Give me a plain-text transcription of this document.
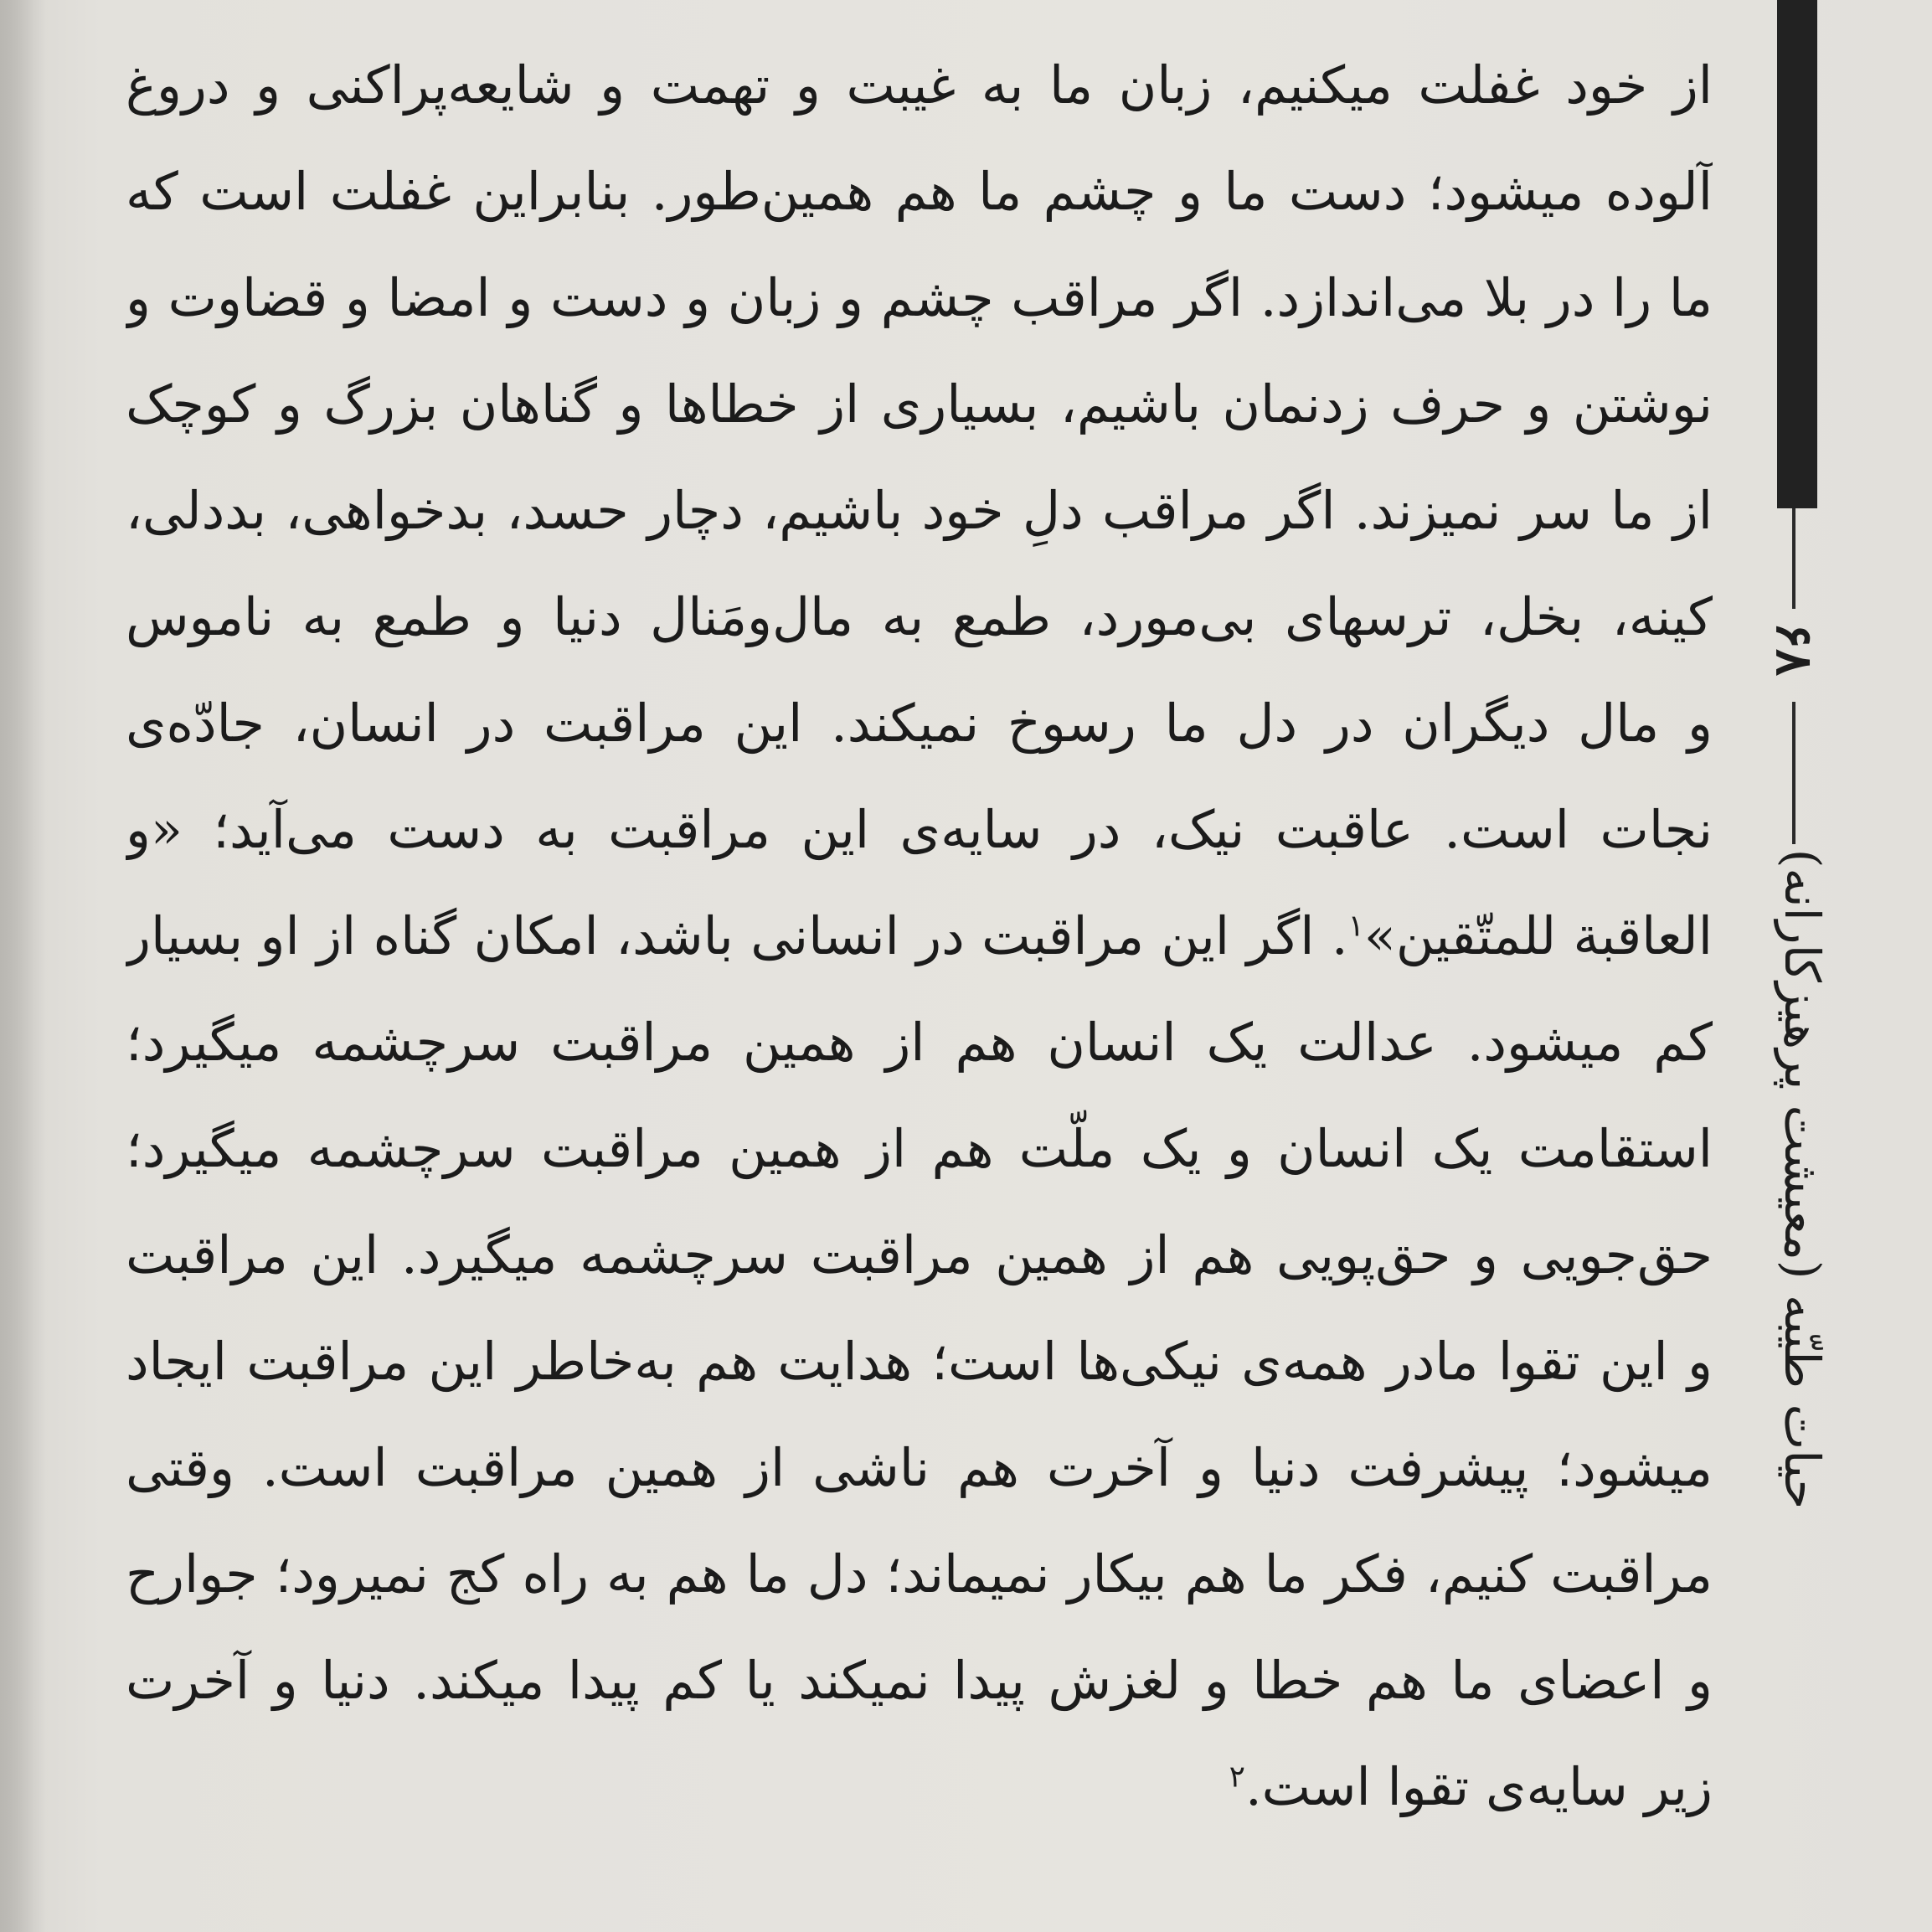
از خود غفلت میکنیم، زبان ما به غیبت و تهمت و شایعه‌پراکنی و دروغ
آلوده میشود؛ دست ما و چشم ما هم همین‌طور. بنابراین غفلت است که
ما را در بلا می‌اندازد. اگر مراقب چشم و زبان و دست و امضا و قضاوت و
نوشتن و حرف زدنمان باشیم، بسیاری از خطاها و گناهان بزرگ و کوچک
از ما سر نمیزند. اگر مراقب دلِ خود باشیم، دچار حسد، بدخواهی، بددلی،
کینه، بخل، ترسهای بی‌مورد، طمع به مال‌ومَنال دنیا و طمع به ناموس
و مال دیگران در دل ما رسوخ نمیکند. این مراقبت در انسان، جادّه‌ی
نجات است. عاقبت نیک، در سایه‌ی این مراقبت به دست می‌آید؛ «و
العاقبة للمتّقين»$^۱$. اگر این مراقبت در انسانی باشد، امکان گناه از او بسیار
کم میشود. عدالت یک انسان هم از همین مراقبت سرچشمه میگیرد؛
استقامت یک انسان و یک ملّت هم از همین مراقبت سرچشمه میگیرد؛
حق‌جویی و حق‌پویی هم از همین مراقبت سرچشمه میگیرد. این مراقبت
و این تقوا مادر همه‌ی نیکی‌ها است؛ هدایت هم به‌خاطر این مراقبت ایجاد
میشود؛ پیشرفت دنیا و آخرت هم ناشی از همین مراقبت است. وقتی
مراقبت کنیم، فکر ما هم بیکار نمیماند؛ دل ما هم به راه کج نمیرود؛ جوارح
و اعضای ما هم خطا و لغزش پیدا نمیکند یا کم پیدا میکند. دنیا و آخرت
زیر سایه‌ی تقوا است.$^۲$
۶۸
حیات طیّبه (معیشت پرهیزکارانه)
